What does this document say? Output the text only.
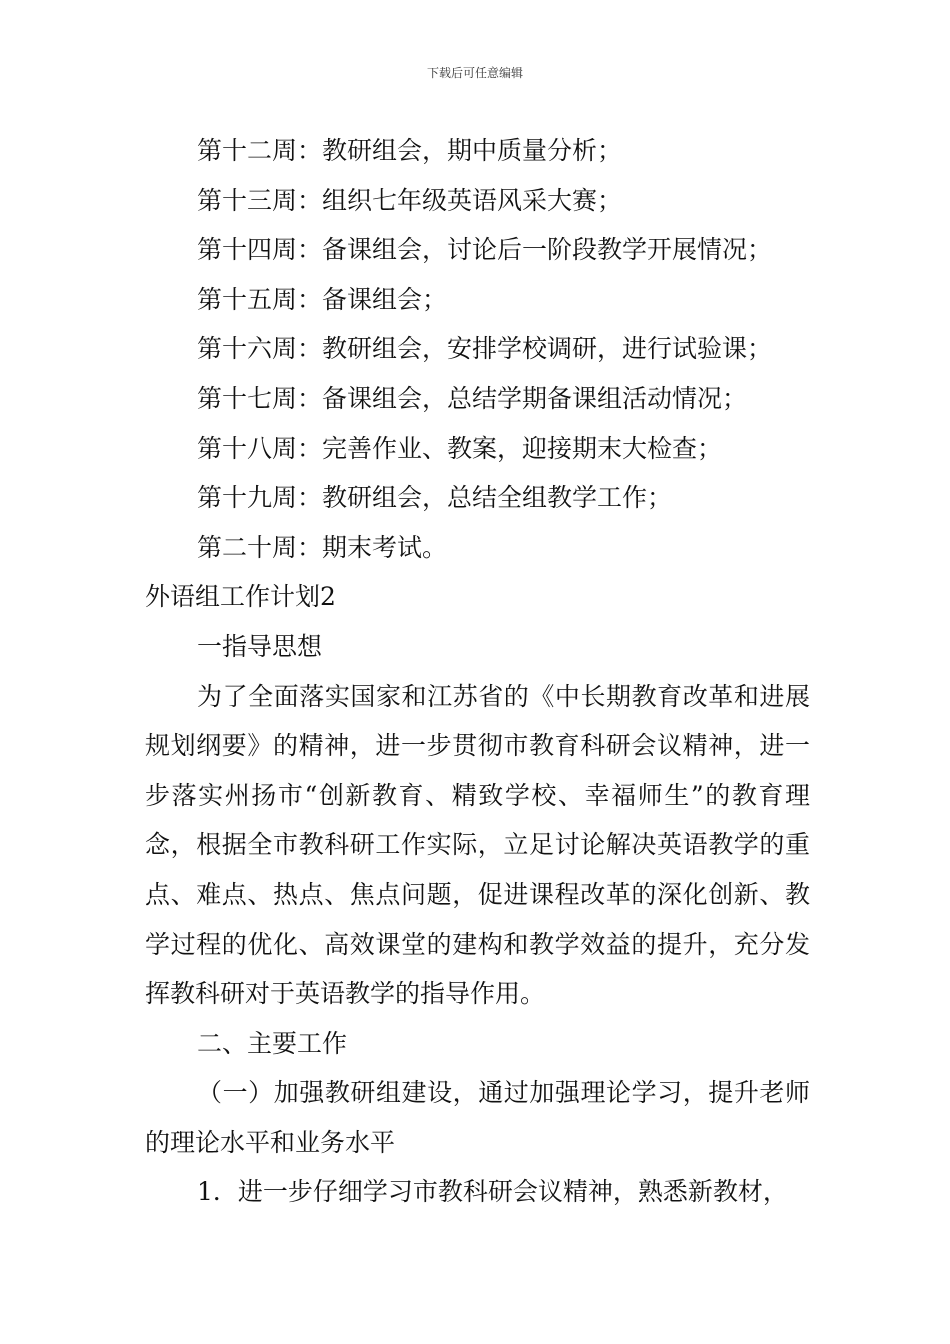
下载后可任意编辑

第十二周：教研组会，期中质量分析；

第十三周：组织七年级英语风采大赛；

第十四周：备课组会，讨论后一阶段教学开展情况；

第十五周：备课组会；

第十六周：教研组会，安排学校调研，进行试验课；

第十七周：备课组会，总结学期备课组活动情况；

第十八周：完善作业、教案，迎接期末大检查；

第十九周：教研组会，总结全组教学工作；

第二十周：期末考试。

外语组工作计划2

一指导思想

为了全面落实国家和江苏省的《中长期教育改革和进展规划纲要》的精神，进一步贯彻市教育科研会议精神，进一步落实州扬市“创新教育、精致学校、幸福师生”的教育理念，根据全市教科研工作实际，立足讨论解决英语教学的重点、难点、热点、焦点问题，促进课程改革的深化创新、教学过程的优化、高效课堂的建构和教学效益的提升，充分发挥教科研对于英语教学的指导作用。

二、主要工作

（一）加强教研组建设，通过加强理论学习，提升老师的理论水平和业务水平

1．进一步仔细学习市教科研会议精神，熟悉新教材，
